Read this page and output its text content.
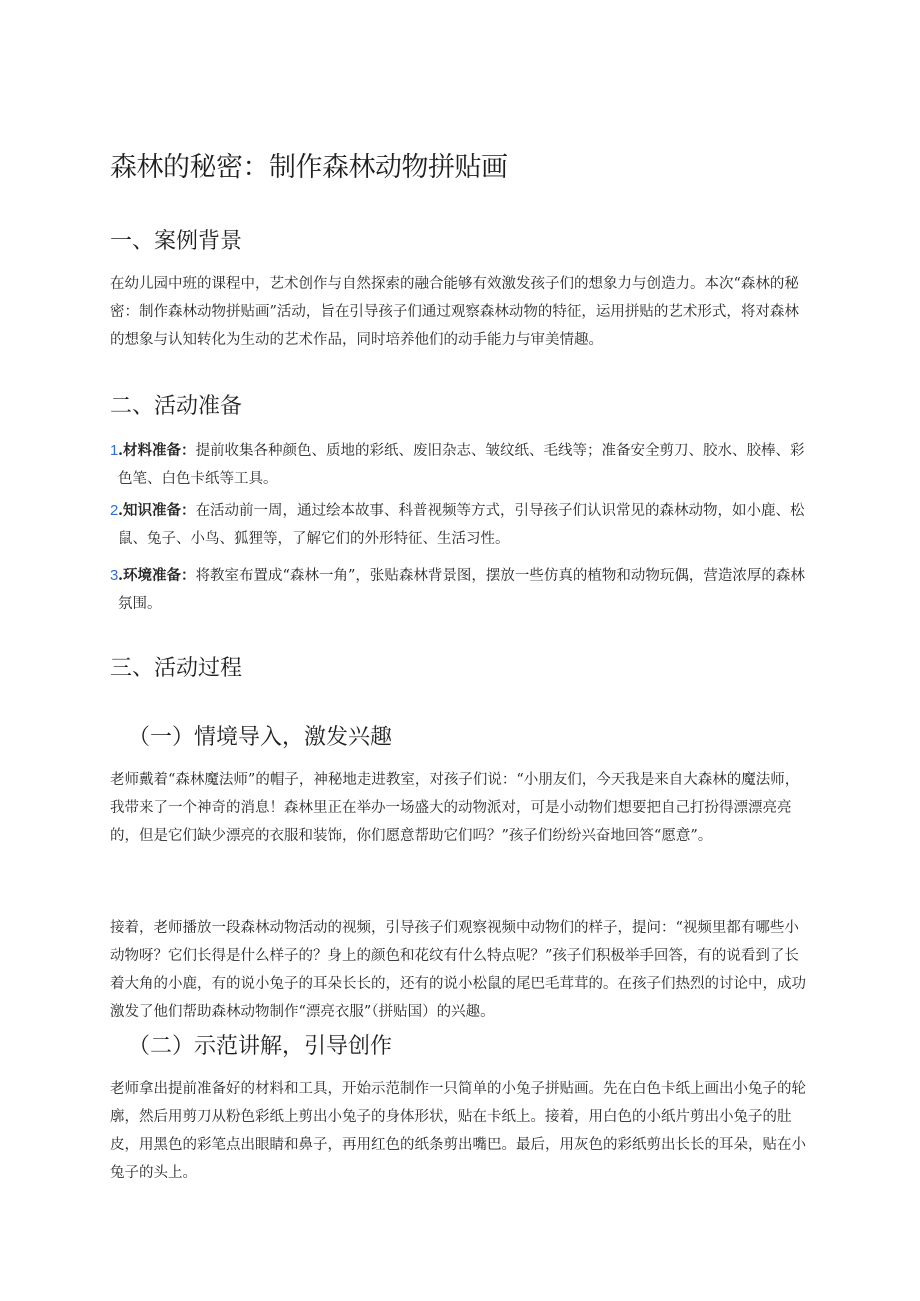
森林的秘密：制作森林动物拼贴画
一、案例背景

在幼儿园中班的课程中，艺术创作与自然探索的融合能够有效激发孩子们的想象力与创造力。本次“森林的秘密：制作森林动物拼贴画”活动，旨在引导孩子们通过观察森林动物的特征，运用拼贴的艺术形式，将对森林的想象与认知转化为生动的艺术作品，同时培养他们的动手能力与审美情趣。

二、活动准备
1 .材料准备：提前收集各种颜色、质地的彩纸、废旧杂志、皱纹纸、毛线等；准备安全剪刀、胶水、胶棒、彩色笔、白色卡纸等工具。
2 .知识准备：在活动前一周，通过绘本故事、科普视频等方式，引导孩子们认识常见的森林动物，如小鹿、松鼠、兔子、小鸟、狐狸等，了解它们的外形特征、生活习性。
3 .环境准备：将教室布置成“森林一角”，张贴森林背景图，摆放一些仿真的植物和动物玩偶，营造浓厚的森林氛围。
三、活动过程
（一）情境导入，激发兴趣

老师戴着“森林魔法师”的帽子，神秘地走进教室，对孩子们说：“小朋友们，今天我是来自大森林的魔法师，我带来了一个神奇的消息！森林里正在举办一场盛大的动物派对，可是小动物们想要把自己打扮得漂漂亮亮的，但是它们缺少漂亮的衣服和装饰，你们愿意帮助它们吗？”孩子们纷纷兴奋地回答“愿意”。

接着，老师播放一段森林动物活动的视频，引导孩子们观察视频中动物们的样子，提问：“视频里都有哪些小动物呀？它们长得是什么样子的？身上的颜色和花纹有什么特点呢？”孩子们积极举手回答，有的说看到了长着大角的小鹿，有的说小兔子的耳朵长长的，还有的说小松鼠的尾巴毛茸茸的。在孩子们热烈的讨论中，成功激发了他们帮助森林动物制作“漂亮衣服”（拼贴国）的兴趣。

（二）示范讲解，引导创作

老师拿出提前准备好的材料和工具，开始示范制作一只简单的小兔子拼贴画。先在白色卡纸上画出小兔子的轮廓，然后用剪刀从粉色彩纸上剪出小兔子的身体形状，贴在卡纸上。接着，用白色的小纸片剪出小兔子的肚皮，用黑色的彩笔点出眼睛和鼻子，再用红色的纸条剪出嘴巴。最后，用灰色的彩纸剪出长长的耳朵，贴在小兔子的头上。
